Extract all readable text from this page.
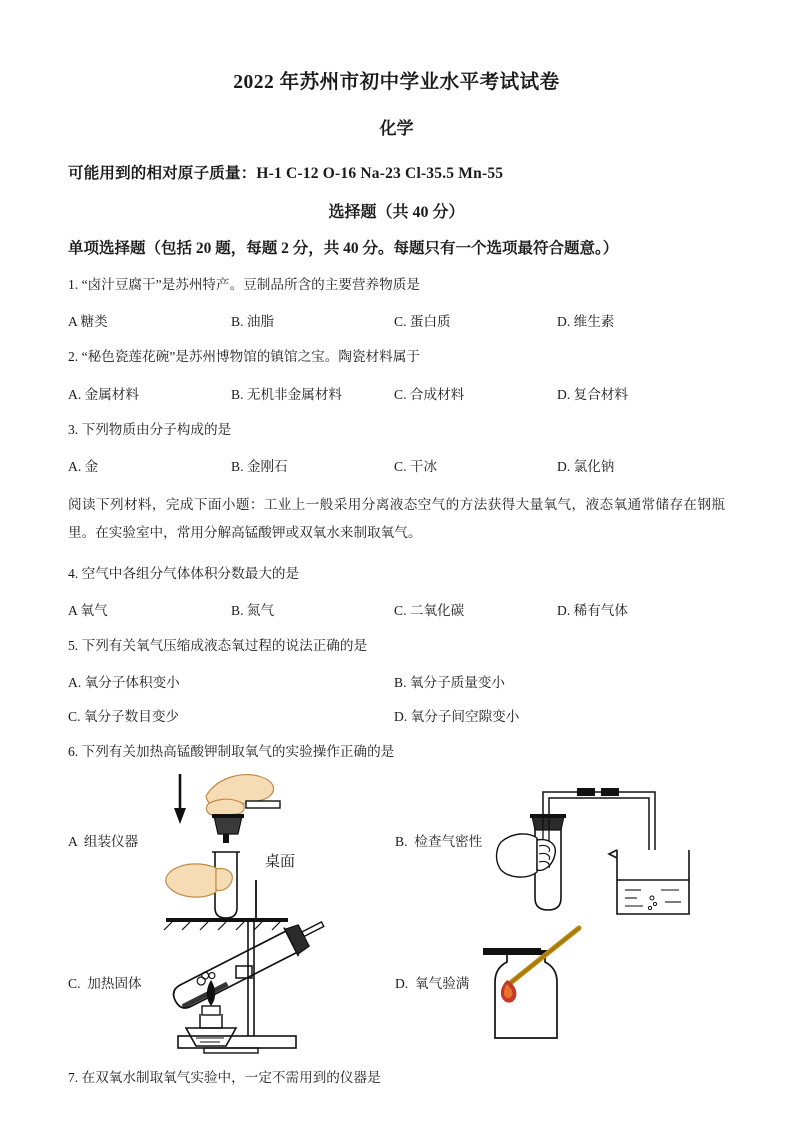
2022 年苏州市初中学业水平考试试卷
化学
可能用到的相对原子质量：H-1 C-12 O-16 Na-23 Cl-35.5 Mn-55
选择题（共 40 分）
单项选择题（包括 20 题，每题 2 分，共 40 分。每题只有一个选项最符合题意。）
1. “卤汁豆腐干”是苏州特产。豆制品所含的主要营养物质是
A 糖类	B. 油脂	C. 蛋白质	D. 维生素
2. “秘色瓷莲花碗”是苏州博物馆的镇馆之宝。陶瓷材料属于
A. 金属材料	B. 无机非金属材料	C. 合成材料	D. 复合材料
3. 下列物质由分子构成的是
A. 金	B. 金刚石	C. 干冰	D. 氯化钠
阅读下列材料，完成下面小题：工业上一般采用分离液态空气的方法获得大量氧气，液态氧通常储存在钢瓶里。在实验室中，常用分解高锰酸钾或双氧水来制取氧气。
4. 空气中各组分气体体积分数最大的是
A 氧气	B. 氮气	C. 二氧化碳	D. 稀有气体
5. 下列有关氧气压缩成液态氧过程的说法正确的是
A. 氧分子体积变小	B. 氧分子质量变小
C. 氧分子数目变少	D. 氧分子间空隙变小
6. 下列有关加热高锰酸钾制取氧气的实验操作正确的是
A 组装仪器
桌面
B. 检查气密性
C. 加热固体	D. 氧气验满
7. 在双氧水制取氧气实验中，一定不需用到的仪器是
